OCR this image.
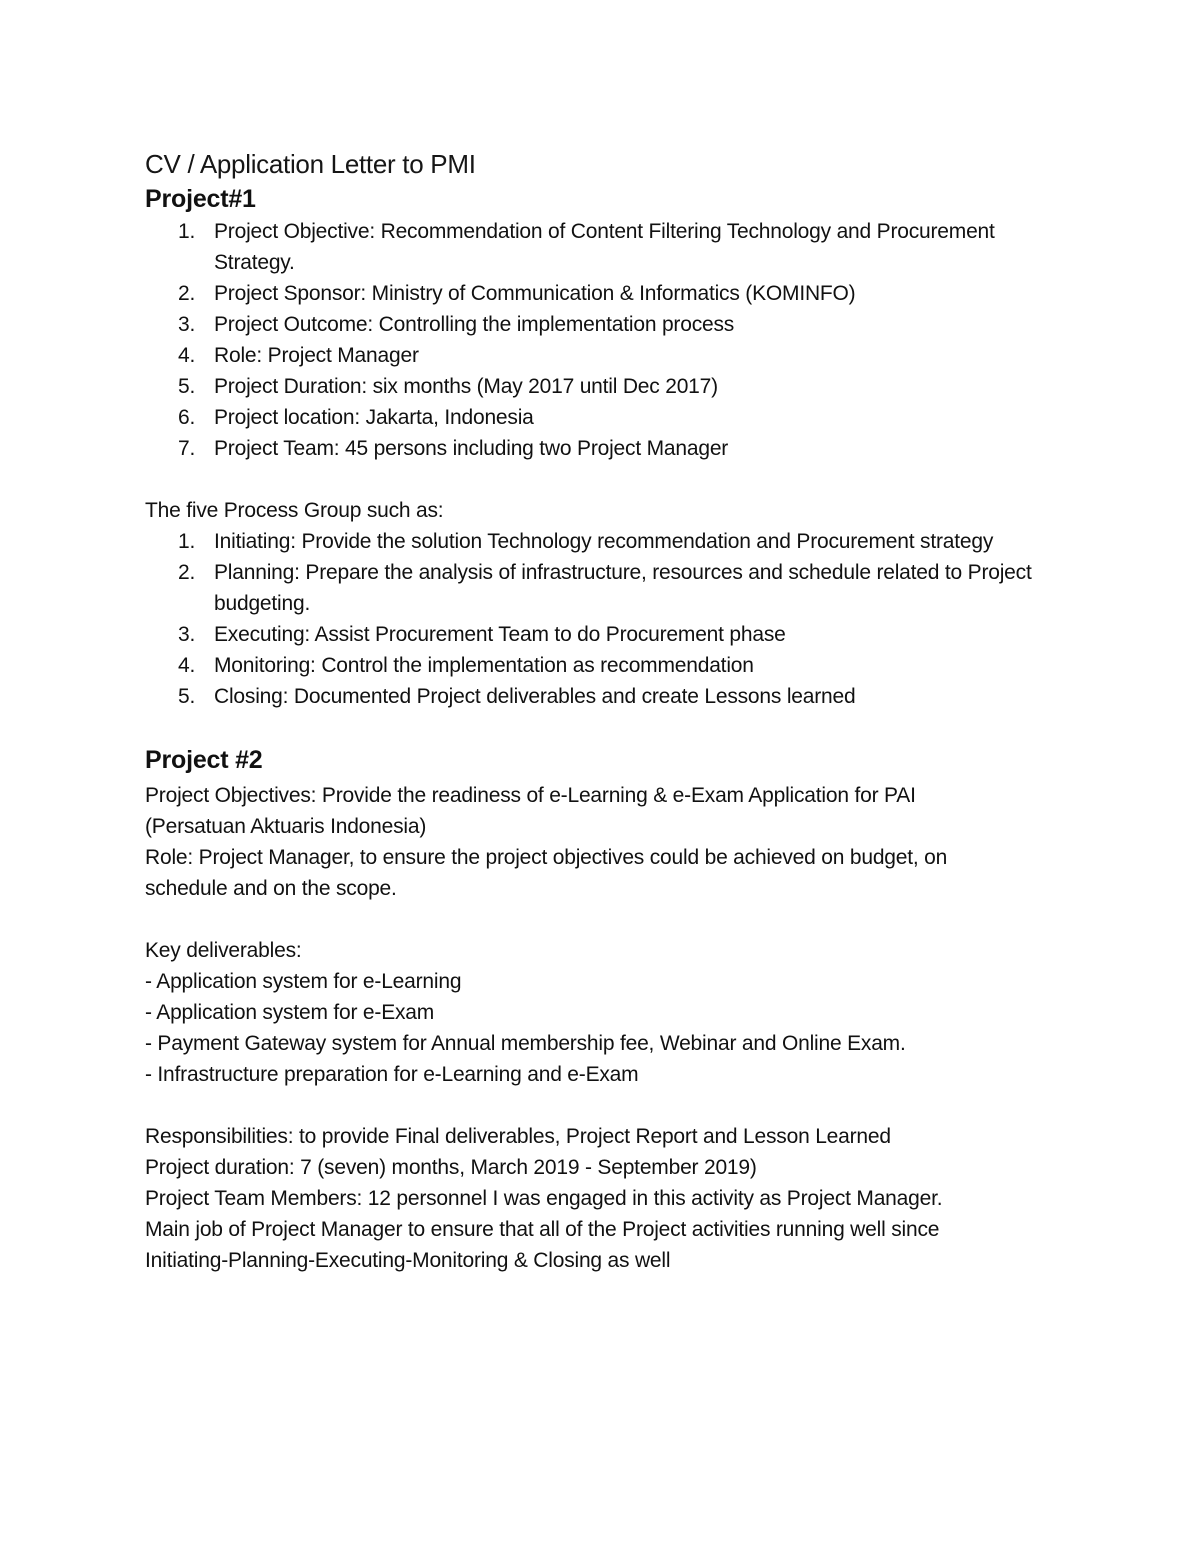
CV / Application Letter to PMI
Project#1
1. Project Objective: Recommendation of Content Filtering Technology and Procurement Strategy.
2. Project Sponsor: Ministry of Communication & Informatics (KOMINFO)
3. Project Outcome: Controlling the implementation process
4. Role: Project Manager
5. Project Duration: six months (May 2017 until Dec 2017)
6. Project location: Jakarta, Indonesia
7. Project Team: 45 persons including two Project Manager
The five Process Group such as:
1. Initiating: Provide the solution Technology recommendation and Procurement strategy
2. Planning: Prepare the analysis of infrastructure, resources and schedule related to Project budgeting.
3. Executing: Assist Procurement Team to do Procurement phase
4. Monitoring: Control the implementation as recommendation
5. Closing: Documented Project deliverables and create Lessons learned
Project #2
Project Objectives: Provide the readiness of e-Learning & e-Exam Application for PAI
(Persatuan Aktuaris Indonesia)
Role: Project Manager, to ensure the project objectives could be achieved on budget, on
schedule and on the scope.
Key deliverables:
- Application system for e-Learning
- Application system for e-Exam
- Payment Gateway system for Annual membership fee, Webinar and Online Exam.
- Infrastructure preparation for e-Learning and e-Exam
Responsibilities: to provide Final deliverables, Project Report and Lesson Learned
Project duration: 7 (seven) months, March 2019 - September 2019)
Project Team Members: 12 personnel I was engaged in this activity as Project Manager.
Main job of Project Manager to ensure that all of the Project activities running well since
Initiating-Planning-Executing-Monitoring & Closing as well
